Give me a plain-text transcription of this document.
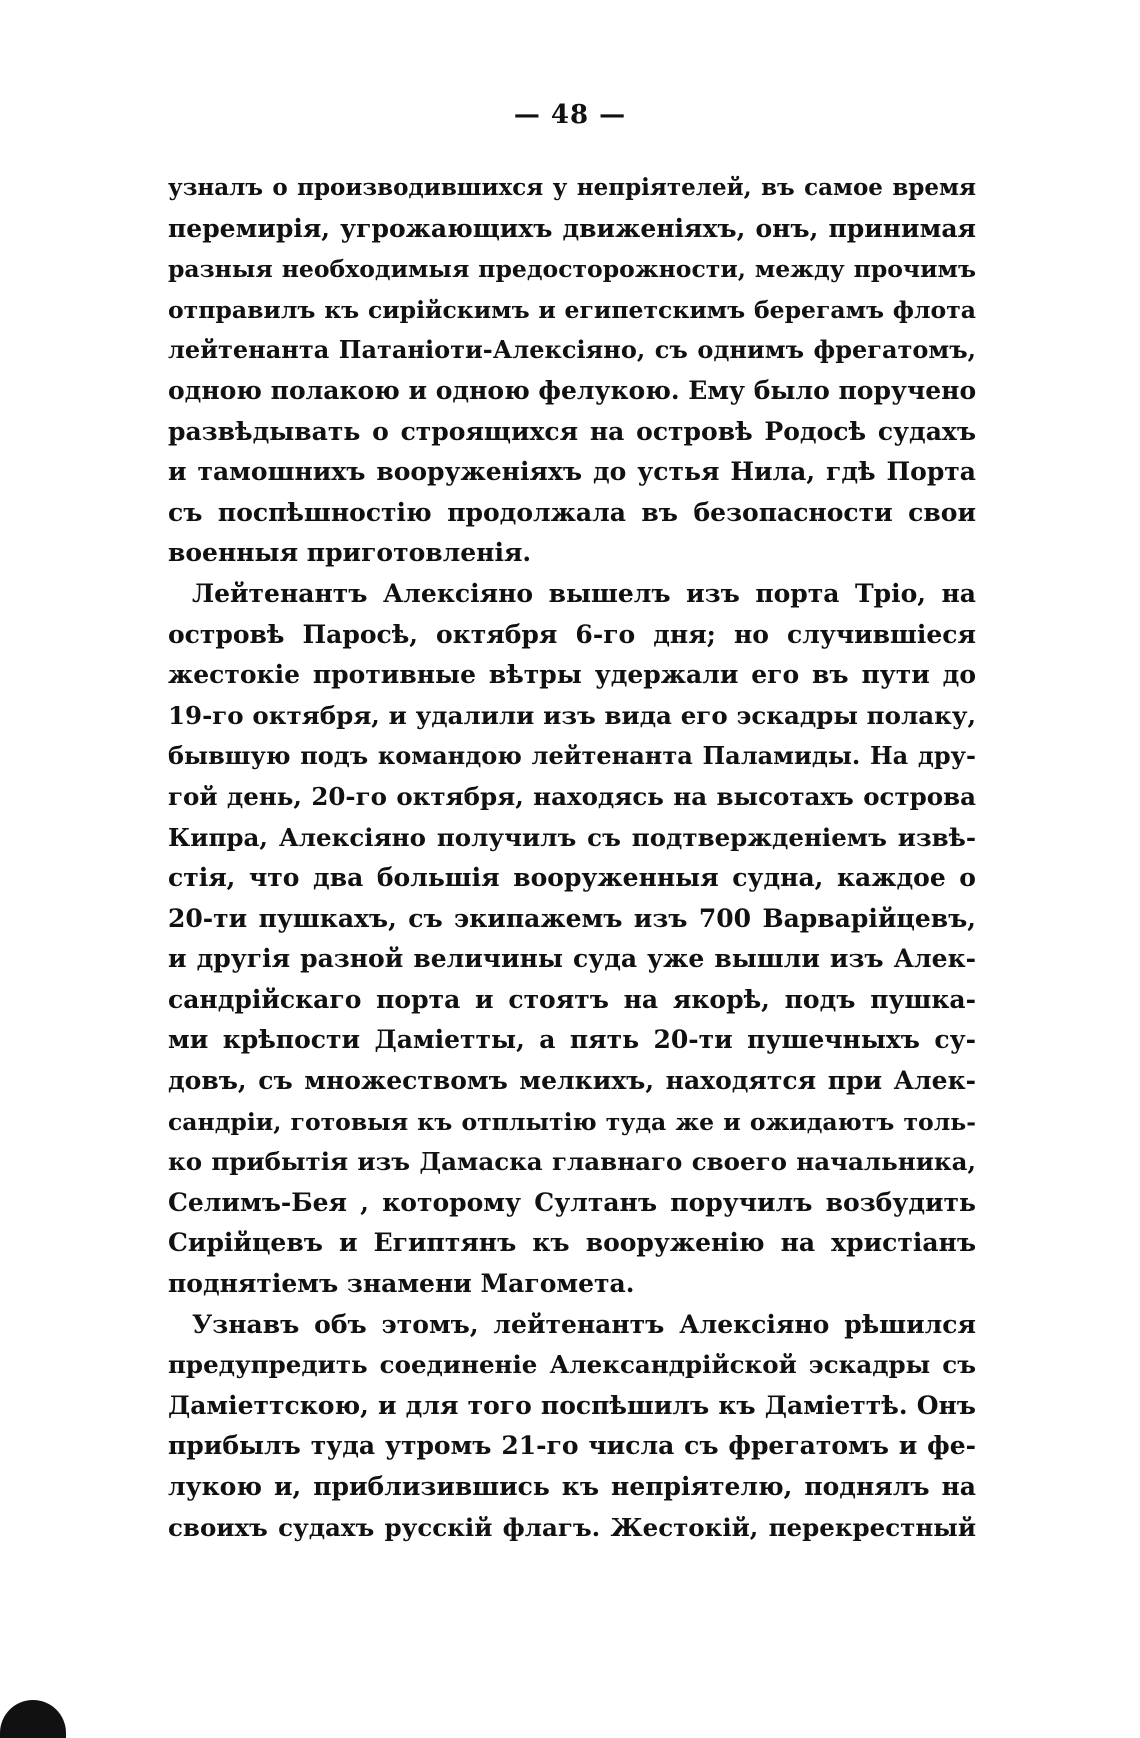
— 48 —
узналъ о производившихся у непріятелей, въ самое время
перемирія, угрожающихъ движеніяхъ, онъ, принимая
разныя необходимыя предосторожности, между прочимъ
отправилъ къ сирійскимъ и египетскимъ берегамъ флота
лейтенанта Патаніоти-Алексіяно, съ однимъ фрегатомъ,
одною полакою и одною фелукою. Ему было поручено
развѣдывать о строящихся на островѣ Родосѣ судахъ
и тамошнихъ вооруженіяхъ до устья Нила, гдѣ Порта
съ поспѣшностію продолжала въ безопасности свои
военныя приготовленія.
Лейтенантъ Алексіяно вышелъ изъ порта Тріо, на
островѣ Паросѣ, октября 6-го дня; но случившіеся
жестокіе противные вѣтры удержали его въ пути до
19-го октября, и удалили изъ вида его эскадры полаку,
бывшую подъ командою лейтенанта Паламиды. На дру-
гой день, 20-го октября, находясь на высотахъ острова
Кипра, Алексіяно получилъ съ подтвержденіемъ извѣ-
стія, что два большія вооруженныя судна, каждое о
20-ти пушкахъ, съ экипажемъ изъ 700 Варварійцевъ,
и другія разной величины суда уже вышли изъ Алек-
сандрійскаго порта и стоятъ на якорѣ, подъ пушка-
ми крѣпости Даміетты, а пять 20-ти пушечныхъ су-
довъ, съ множествомъ мелкихъ, находятся при Алек-
сандріи, готовыя къ отплытію туда же и ожидаютъ толь-
ко прибытія изъ Дамаска главнаго своего начальника,
Селимъ-Бея , которому Султанъ поручилъ возбудить
Сирійцевъ и Египтянъ къ вооруженію на христіанъ
поднятіемъ знамени Магомета.
Узнавъ объ этомъ, лейтенантъ Алексіяно рѣшился
предупредить соединеніе Александрійской эскадры съ
Даміеттскою, и для того поспѣшилъ къ Даміеттѣ. Онъ
прибылъ туда утромъ 21-го числа съ фрегатомъ и фе-
лукою и, приблизившись къ непріятелю, поднялъ на
своихъ судахъ русскій флагъ. Жестокій, перекрестный
